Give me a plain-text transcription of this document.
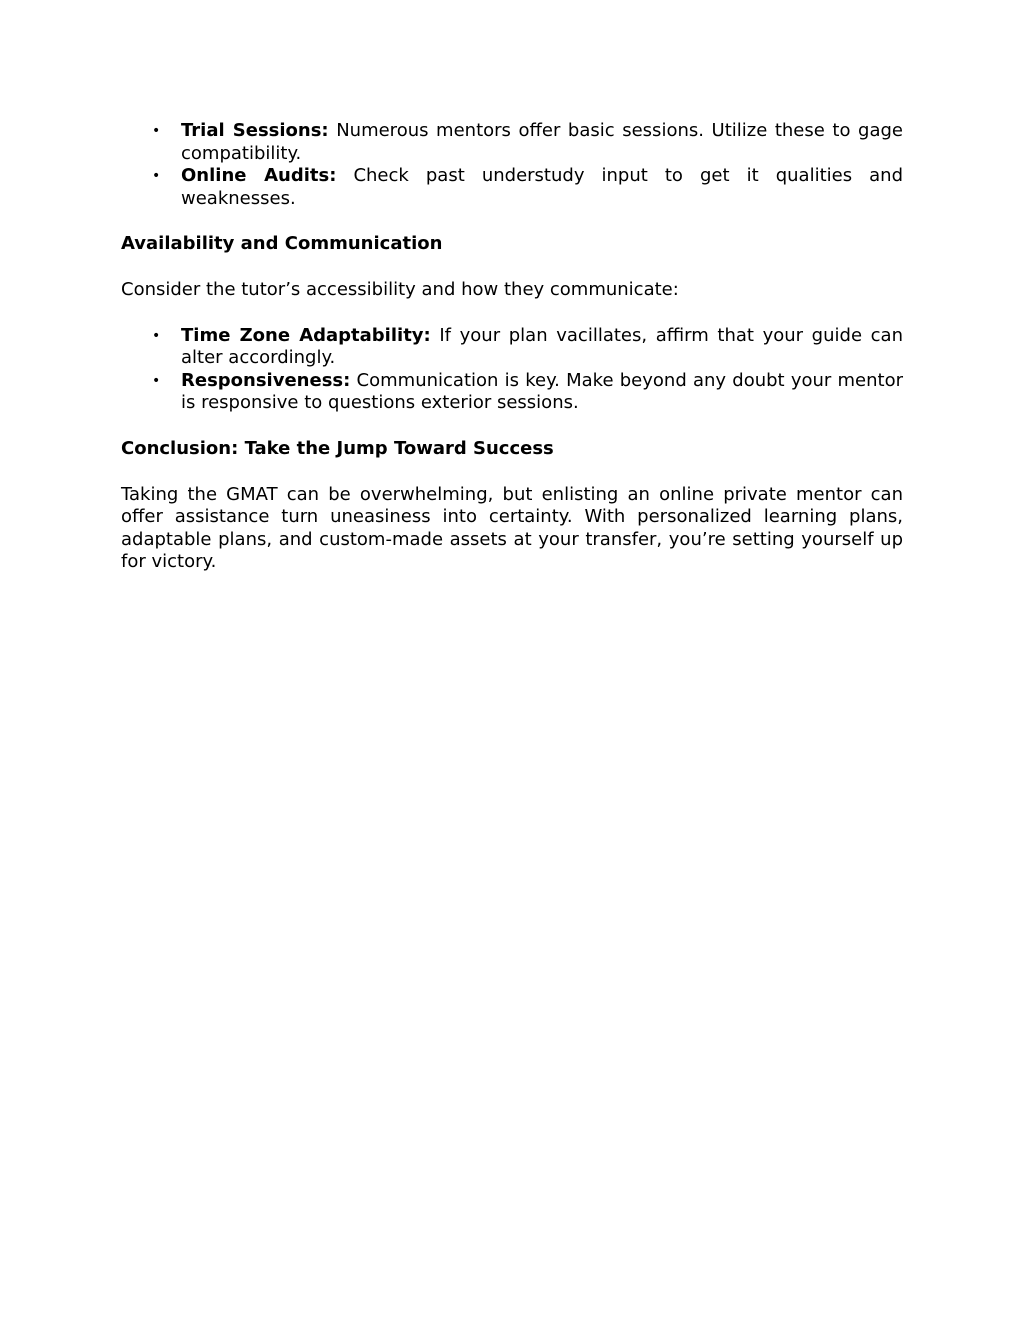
• Trial Sessions: Numerous mentors offer basic sessions. Utilize these to gage compatibility.
• Online Audits: Check past understudy input to get it qualities and weaknesses.
Availability and Communication

Consider the tutor’s accessibility and how they communicate:

• Time Zone Adaptability: If your plan vacillates, affirm that your guide can alter accordingly.
• Responsiveness: Communication is key. Make beyond any doubt your mentor is responsive to questions exterior sessions.
Conclusion: Take the Jump Toward Success

Taking the GMAT can be overwhelming, but enlisting an online private mentor can offer assistance turn uneasiness into certainty. With personalized learning plans, adaptable plans, and custom-made assets at your transfer, you’re setting yourself up for victory.
